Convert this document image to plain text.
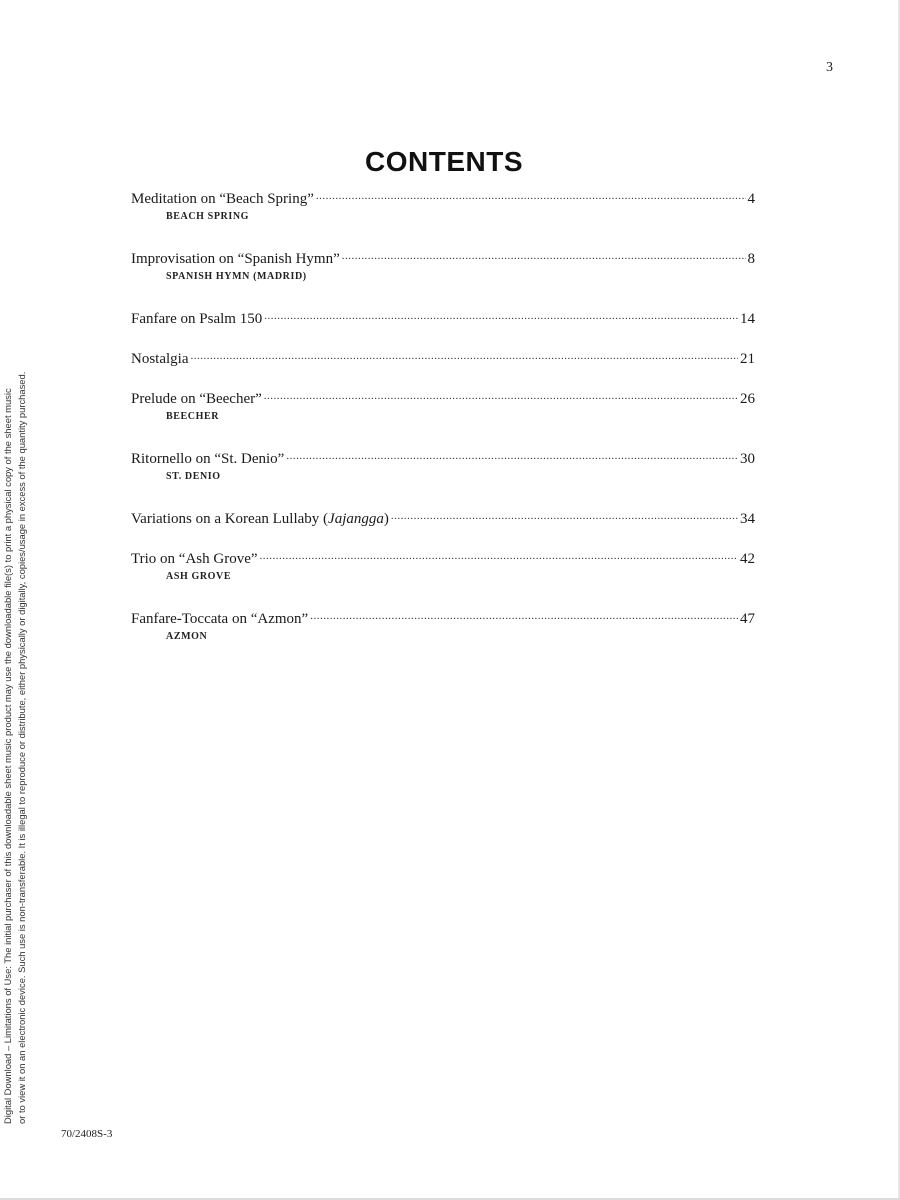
3
CONTENTS
Meditation on “Beach Spring” .....	4
BEACH SPRING
Improvisation on “Spanish Hymn” .....	8
SPANISH HYMN (MADRID)
Fanfare on Psalm 150 .....	14
Nostalgia .....	21
Prelude on “Beecher” .....	26
BEECHER
Ritornello on “St. Denio” .....	30
ST. DENIO
Variations on a Korean Lullaby (Jajangga) .....	34
Trio on “Ash Grove” .....	42
ASH GROVE
Fanfare-Toccata on “Azmon” .....	47
AZMON
Digital Download – Limitations of Use: The initial purchaser of this downloadable sheet music product may use the downloadable file(s) to print a physical copy of the sheet music or to view it on an electronic device. Such use is non-transferable. It is illegal to reproduce or distribute, either physically or digitally, copies/usage in excess of the quantity purchased.
70/2408S-3
